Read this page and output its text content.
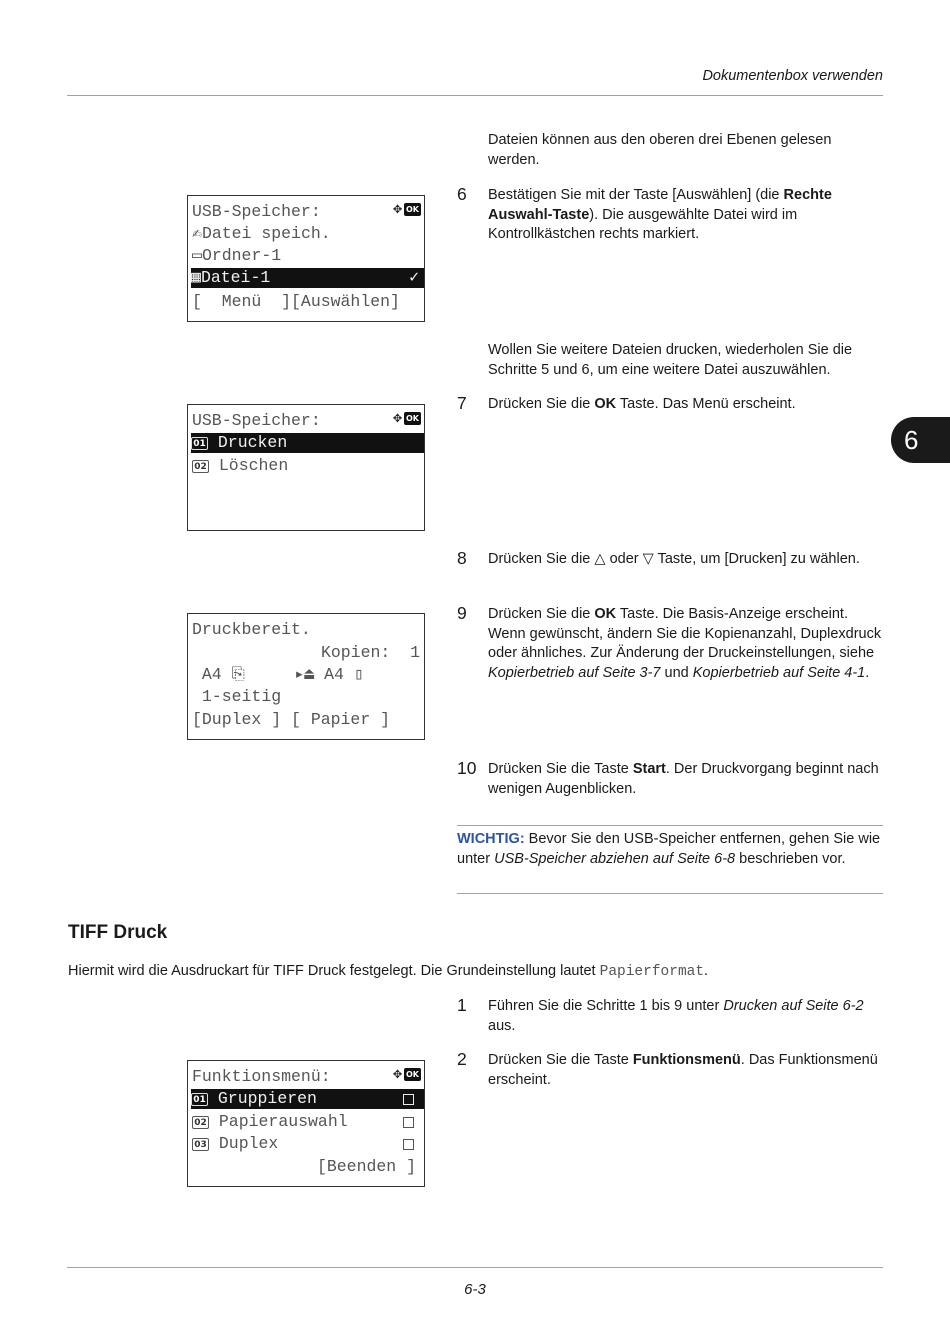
Dokumentenbox verwenden
6
Dateien können aus den oberen drei Ebenen gelesen werden.
6 Bestätigen Sie mit der Taste [Auswählen] (die Rechte Auswahl-Taste). Die ausgewählte Datei wird im Kontrollkästchen rechts markiert.
USB-Speicher:	✥ OK
✍Datei speich.
▭Ordner-1
▦Datei-1	✓
[  Menü  ][Auswählen]
Wollen Sie weitere Dateien drucken, wiederholen Sie die Schritte 5 und 6, um eine weitere Datei auszuwählen.
7 Drücken Sie die OK Taste. Das Menü erscheint.
USB-Speicher:	✥ OK
01 Drucken
02 Löschen
8 Drücken Sie die △ oder ▽ Taste, um [Drucken] zu wählen.
9 Drücken Sie die OK Taste. Die Basis-Anzeige erscheint. Wenn gewünscht, ändern Sie die Kopienanzahl, Duplexdruck oder ähnliches. Zur Änderung der Druckeinstellungen, siehe Kopierbetrieb auf Seite 3-7 und Kopierbetrieb auf Seite 4-1.
Druckbereit.
Kopien: 1
A4 ⎘	▸⏏ A4 ▯
1-seitig
[Duplex ] [ Papier ]
10 Drücken Sie die Taste Start. Der Druckvorgang beginnt nach wenigen Augenblicken.
WICHTIG: Bevor Sie den USB-Speicher entfernen, gehen Sie wie unter USB-Speicher abziehen auf Seite 6-8 beschrieben vor.
TIFF Druck
Hiermit wird die Ausdruckart für TIFF Druck festgelegt. Die Grundeinstellung lautet Papierformat.
1 Führen Sie die Schritte 1 bis 9 unter Drucken auf Seite 6-2 aus.
2 Drücken Sie die Taste Funktionsmenü. Das Funktionsmenü erscheint.
Funktionsmenü:	✥ OK
01 Gruppieren
02 Papierauswahl
03 Duplex
[Beenden ]
6-3
